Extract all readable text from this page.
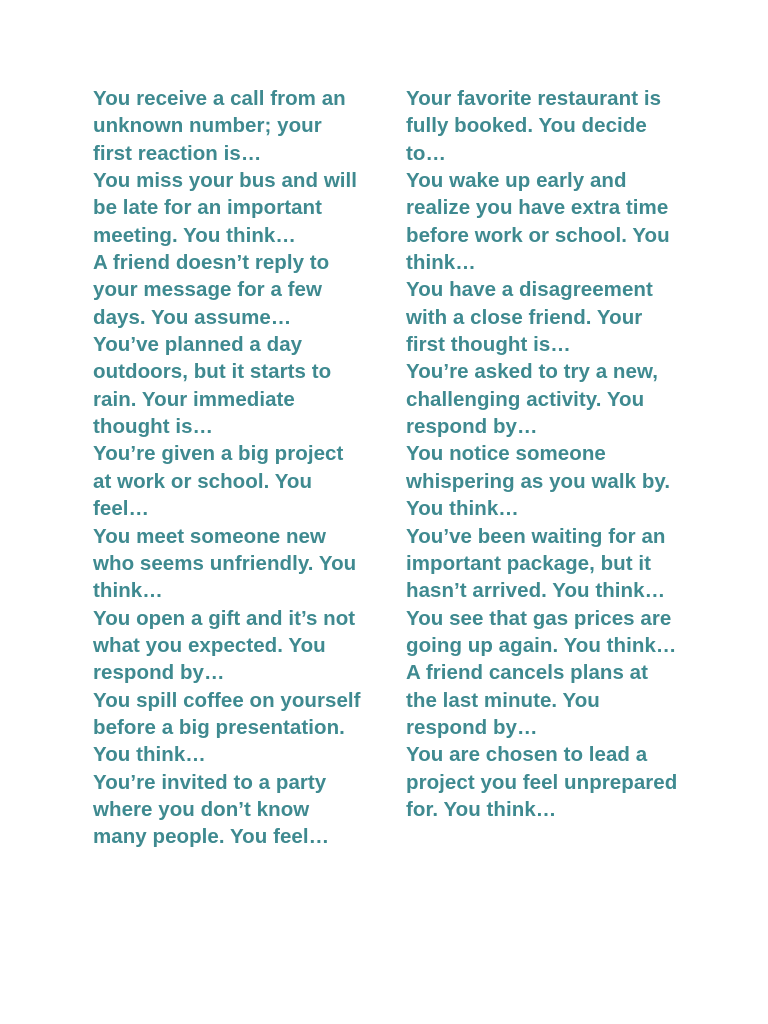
You receive a call from an unknown number; your first reaction is…

You miss your bus and will be late for an important meeting. You think…

A friend doesn’t reply to your message for a few days. You assume…

You’ve planned a day outdoors, but it starts to rain. Your immediate thought is…

You’re given a big project at work or school. You feel…

You meet someone new who seems unfriendly. You think…

You open a gift and it’s not what you expected. You respond by…

You spill coffee on yourself before a big presentation. You think…

You’re invited to a party where you don’t know many people. You feel…

Your favorite restaurant is fully booked. You decide to…

You wake up early and realize you have extra time before work or school. You think…

You have a disagreement with a close friend. Your first thought is…

You’re asked to try a new, challenging activity. You respond by…

You notice someone whispering as you walk by. You think…

You’ve been waiting for an important package, but it hasn’t arrived. You think…

You see that gas prices are going up again. You think…

A friend cancels plans at the last minute. You respond by…

You are chosen to lead a project you feel unprepared for. You think…
